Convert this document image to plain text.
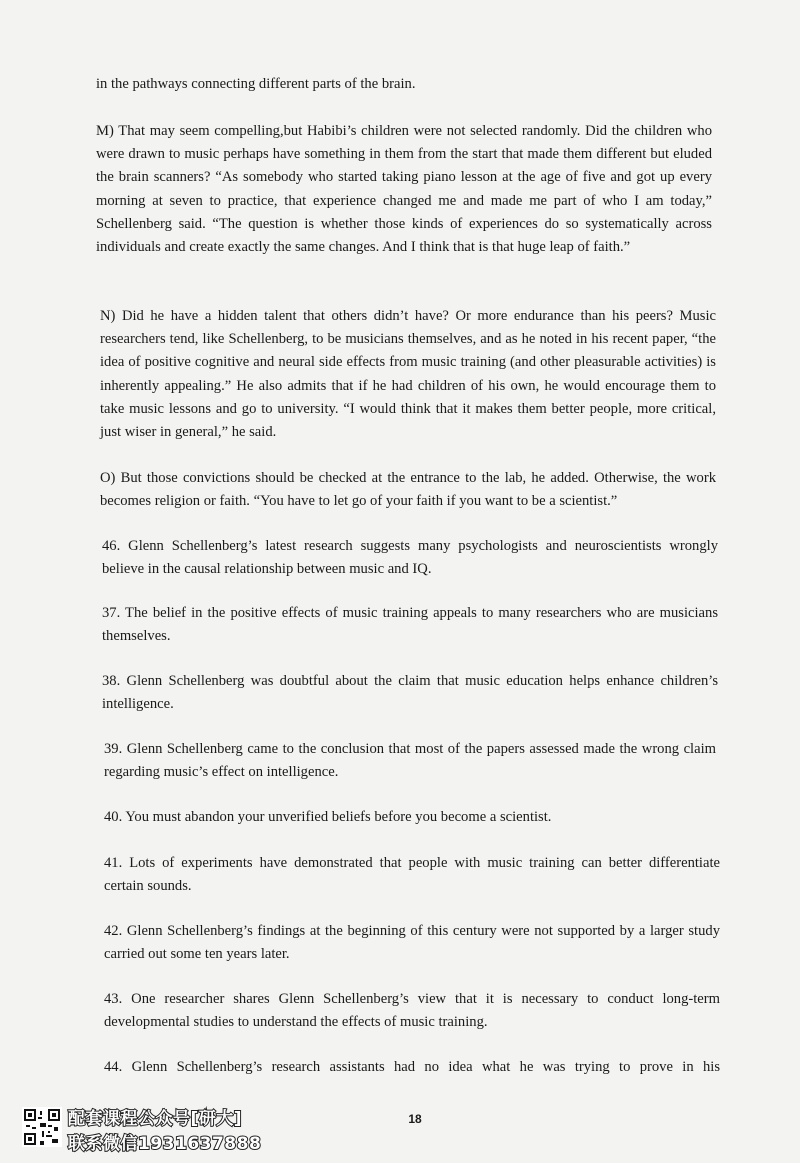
in the pathways connecting different parts of the brain.

M) That may seem compelling,but Habibi’s children were not selected randomly. Did the children who were drawn to music perhaps have something in them from the start that made them different but eluded the brain scanners? “As somebody who started taking piano lesson at the age of five and got up every morning at seven to practice, that experience changed me and made me part of who I am today,” Schellenberg said. “The question is whether those kinds of experiences do so systematically across individuals and create exactly the same changes. And I think that is that huge leap of faith.”

N) Did he have a hidden talent that others didn’t have? Or more endurance than his peers? Music researchers tend, like Schellenberg, to be musicians themselves, and as he noted in his recent paper, “the idea of positive cognitive and neural side effects from music training (and other pleasurable activities) is inherently appealing.” He also admits that if he had children of his own, he would encourage them to take music lessons and go to university. “I would think that it makes them better people, more critical, just wiser in general,” he said.

O) But those convictions should be checked at the entrance to the lab, he added. Otherwise, the work becomes religion or faith. “You have to let go of your faith if you want to be a scientist.”

46. Glenn Schellenberg’s latest research suggests many psychologists and neuroscientists wrongly believe in the causal relationship between music and IQ.

37. The belief in the positive effects of music training appeals to many researchers who are musicians themselves.

38. Glenn Schellenberg was doubtful about the claim that music education helps enhance children’s intelligence.

39. Glenn Schellenberg came to the conclusion that most of the papers assessed made the wrong claim regarding music’s effect on intelligence.

40. You must abandon your unverified beliefs before you become a scientist.

41. Lots of experiments have demonstrated that people with music training can better differentiate certain sounds.

42. Glenn Schellenberg’s findings at the beginning of this century were not supported by a larger study carried out some ten years later.

43. One researcher shares Glenn Schellenberg’s view that it is necessary to conduct long-term developmental studies to understand the effects of music training.

44. Glenn Schellenberg’s research assistants had no idea what he was trying to prove in his

18
配套课程公众号[研大]
联系微信1931637888
